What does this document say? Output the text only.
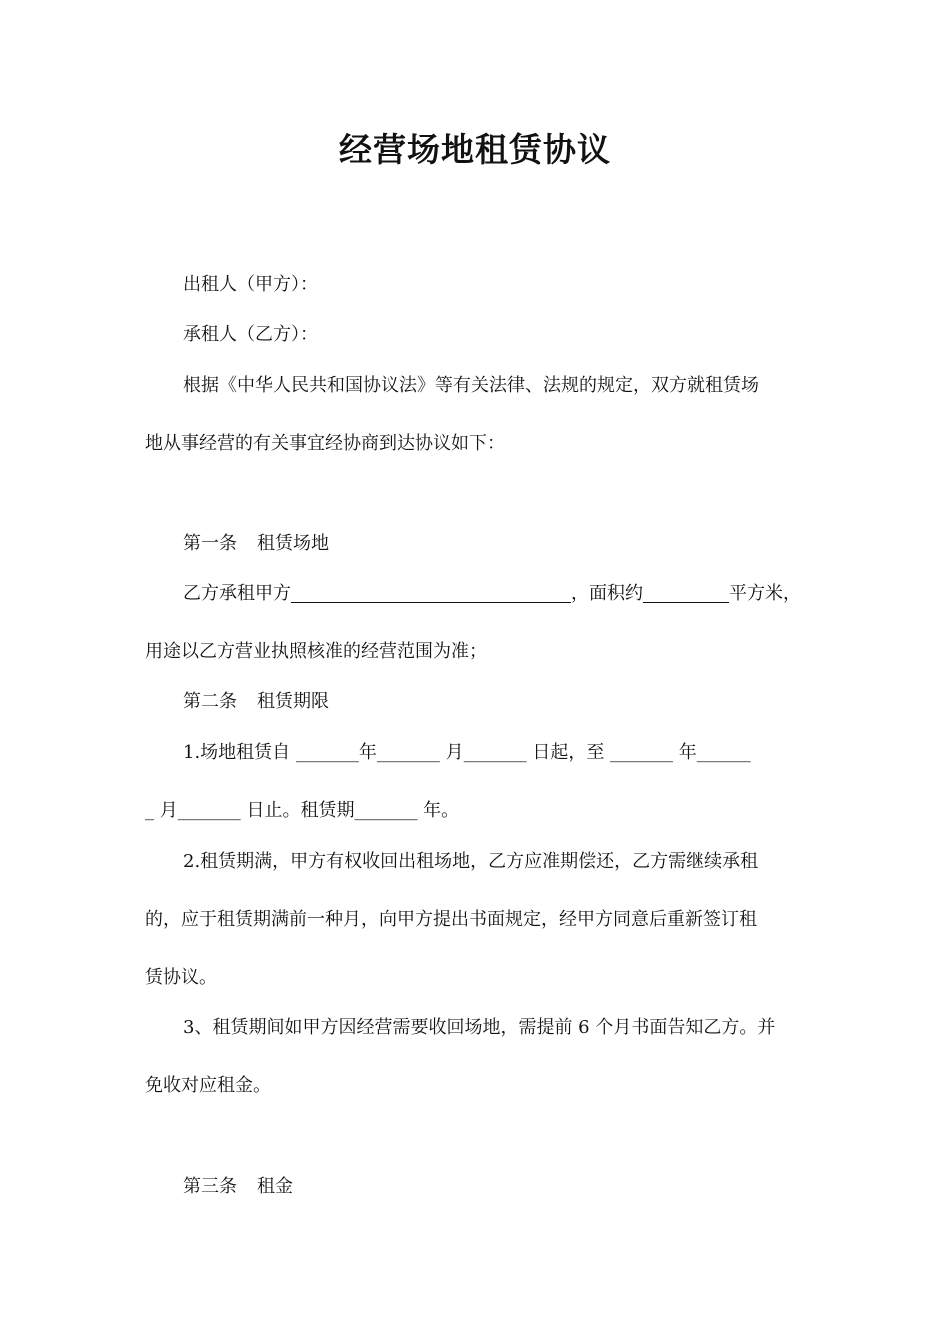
经营场地租赁协议
出租人（甲方）：
承租人（乙方）：
根据《中华人民共和国协议法》等有关法律、法规的规定，双方就租赁场
地从事经营的有关事宜经协商到达协议如下：
第一条 租赁场地
乙方承租甲方	，面积约	平方米，
用途以乙方营业执照核准的经营范围为准；
第二条 租赁期限
1.场地租赁自 _______年_______ 月_______ 日起，至 _______ 年______
_ 月_______ 日止。租赁期_______ 年。
2.租赁期满，甲方有权收回出租场地，乙方应准期偿还，乙方需继续承租
的，应于租赁期满前一种月，向甲方提出书面规定，经甲方同意后重新签订租
赁协议。
3、租赁期间如甲方因经营需要收回场地，需提前 6 个月书面告知乙方。并
免收对应租金。
第三条 租金
